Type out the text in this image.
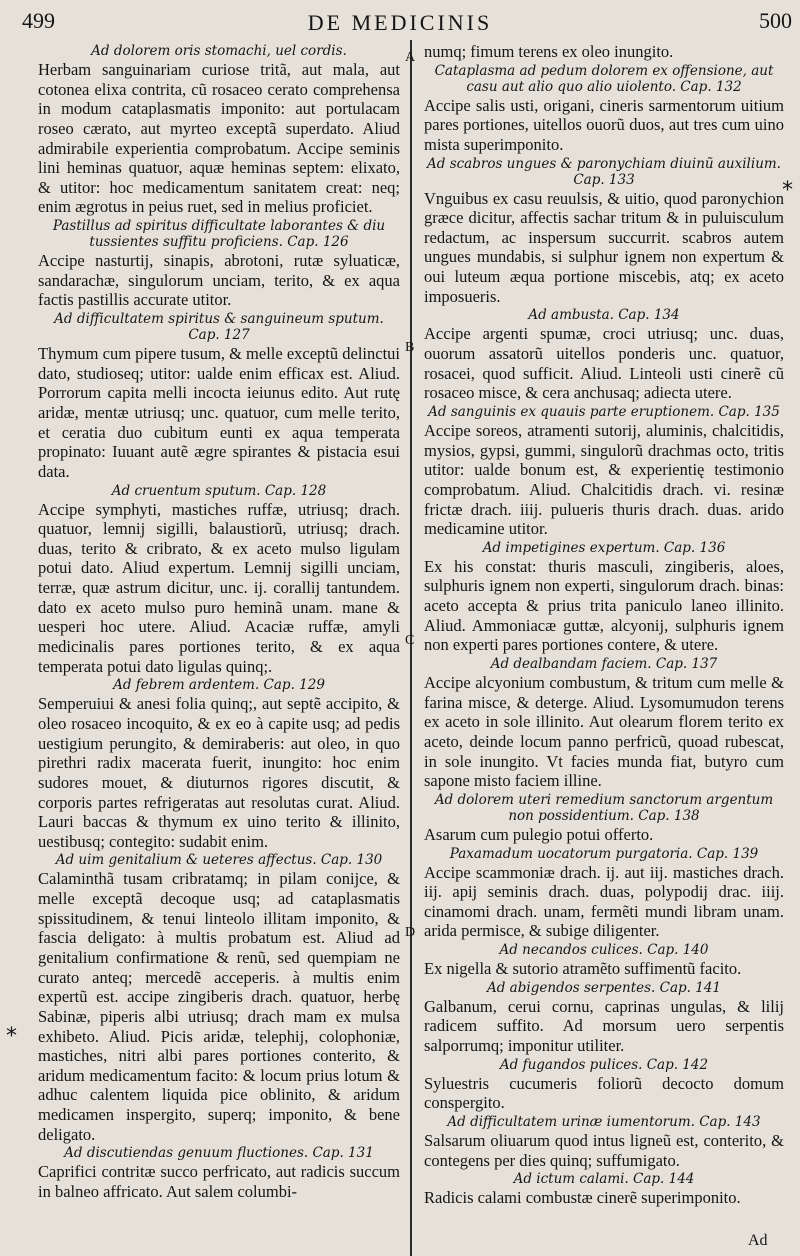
499	DE MEDICINIS	500
Ad dolorem oris stomachi, uel cordis.

Herbam sanguinariam curiose tritã, aut mala, aut cotonea elixa contrita, cũ rosaceo cerato comprehensa in modum cataplasmatis imponito: aut portulacam roseo cærato, aut myrteo exceptã superdato. Aliud admirabile experientia comprobatum. Accipe seminis lini heminas quatuor, aquæ heminas septem: elixato, & utitor: hoc medicamentum sanitatem creat: neq; enim ægrotus in peius ruet, sed in melius proficiet.

Pastillus ad spiritus difficultate laborantes & diu tussientes suffitu proficiens. Cap. 126

Accipe nasturtij, sinapis, abrotoni, rutæ syluaticæ, sandarachæ, singulorum unciam, terito, & ex aqua factis pastillis accurate utitor.

Ad difficultatem spiritus & sanguineum sputum. Cap. 127

Thymum cum pipere tusum, & melle exceptũ delinctui dato, studioseq; utitor: ualde enim efficax est. Aliud. Porrorum capita melli incocta ieiunus edito. Aut rutę aridæ, mentæ utriusq; unc. quatuor, cum melle terito, et ceratia duo cubitum eunti ex aqua temperata propinato: Iuuant autẽ ægre spirantes & pistacia esui data.

Ad cruentum sputum. Cap. 128

Accipe symphyti, mastiches ruffæ, utriusq; drach. quatuor, lemnij sigilli, balaustiorũ, utriusq; drach. duas, terito & cribrato, & ex aceto mulso ligulam potui dato. Aliud expertum. Lemnij sigilli unciam, terræ, quæ astrum dicitur, unc. ij. corallij tantundem. dato ex aceto mulso puro heminã unam. mane & uesperi hoc utere. Aliud. Acaciæ ruffæ, amyli medicinalis pares portiones terito, & ex aqua temperata potui dato ligulas quinq;.

Ad febrem ardentem. Cap. 129

Semperuiui & anesi folia quinq;, aut septẽ accipito, & oleo rosaceo incoquito, & ex eo à capite usq; ad pedis uestigium perungito, & demiraberis: aut oleo, in quo pirethri radix macerata fuerit, inungito: hoc enim sudores mouet, & diuturnos rigores discutit, & corporis partes refrigeratas aut resolutas curat. Aliud. Lauri baccas & thymum ex uino terito & illinito, uestibusq; contegito: sudabit enim.

Ad uim genitalium & ueteres affectus. Cap. 130

Calaminthã tusam cribratamq; in pilam conijce, & melle exceptã decoque usq; ad cataplasmatis spissitudinem, & tenui linteolo illitam imponito, & fascia deligato: à multis probatum est. Aliud ad genitalium confirmatione & renũ, sed quempiam ne curato anteq; mercedẽ acceperis. à multis enim expertũ est. accipe zingiberis drach. quatuor, herbę Sabinæ, piperis albi utriusq; drach mam ex mulsa exhibeto. Aliud. Picis aridæ, telephij, colophoniæ, mastiches, nitri albi pares portiones conterito, & aridum medicamentum facito: & locum prius lotum & adhuc calentem liquida pice oblinito, & aridum medicamen inspergito, superq; imponito, & bene deligato.

Ad discutiendas genuum fluctiones. Cap. 131

Caprifici contritæ succo perfricato, aut radicis succum in balneo affricato. Aut salem columbi-

numq; fimum terens ex oleo inungito.

Cataplasma ad pedum dolorem ex offensione, aut casu aut alio quo alio uiolento. Cap. 132

Accipe salis usti, origani, cineris sarmentorum uitium pares portiones, uitellos ouorũ duos, aut tres cum uino mista superimponito.

Ad scabros ungues & paronychiam diuinũ auxilium. Cap. 133

Vnguibus ex casu reuulsis, & uitio, quod paronychion græce dicitur, affectis sachar tritum & in puluisculum redactum, ac inspersum succurrit. scabros autem ungues mundabis, si sulphur ignem non expertum & oui luteum æqua portione miscebis, atq; ex aceto imposueris.

Ad ambusta. Cap. 134

Accipe argenti spumæ, croci utriusq; unc. duas, ouorum assatorũ uitellos ponderis unc. quatuor, rosacei, quod sufficit. Aliud. Linteoli usti cinerẽ cũ rosaceo misce, & cera anchusaq; adiecta utere.

Ad sanguinis ex quauis parte eruptionem. Cap. 135

Accipe soreos, atramenti sutorij, aluminis, chalcitidis, mysios, gypsi, gummi, singulorũ drachmas octo, tritis utitor: ualde bonum est, & experientię testimonio comprobatum. Aliud. Chalcitidis drach. vi. resinæ frictæ drach. iiij. pulueris thuris drach. duas. arido medicamine utitor.

Ad impetigines expertum. Cap. 136

Ex his constat: thuris masculi, zingiberis, aloes, sulphuris ignem non experti, singulorum drach. binas: aceto accepta & prius trita paniculo laneo illinito. Aliud. Ammoniacæ guttæ, alcyonij, sulphuris ignem non experti pares portiones contere, & utere.

Ad dealbandam faciem. Cap. 137

Accipe alcyonium combustum, & tritum cum melle & farina misce, & deterge. Aliud. Lysomumudon terens ex aceto in sole illinito. Aut olearum florem terito ex aceto, deinde locum panno perfricũ, quoad rubescat, in sole inungito. Vt facies munda fiat, butyro cum sapone misto faciem illine.

Ad dolorem uteri remedium sanctorum argentum non possidentium. Cap. 138

Asarum cum pulegio potui offerto.

Paxamadum uocatorum purgatoria. Cap. 139

Accipe scammoniæ drach. ij. aut iij. mastiches drach. iij. apij seminis drach. duas, polypodij drac. iiij. cinamomi drach. unam, fermẽti mundi libram unam. arida permisce, & subige diligenter.

Ad necandos culices. Cap. 140

Ex nigella & sutorio atramẽto suffimentũ facito.

Ad abigendos serpentes. Cap. 141

Galbanum, cerui cornu, caprinas ungulas, & lilij radicem suffito. Ad morsum uero serpentis salporrumq; imponitur utiliter.

Ad fugandos pulices. Cap. 142

Syluestris cucumeris foliorũ decocto domum conspergito.

Ad difficultatem urinæ iumentorum. Cap. 143

Salsarum oliuarum quod intus ligneũ est, conterito, & contegens per dies quinq; suffumigato.

Ad ictum calami. Cap. 144

Radicis calami combustæ cinerẽ superimponito.

A
B
C
D
*
*
Ad
